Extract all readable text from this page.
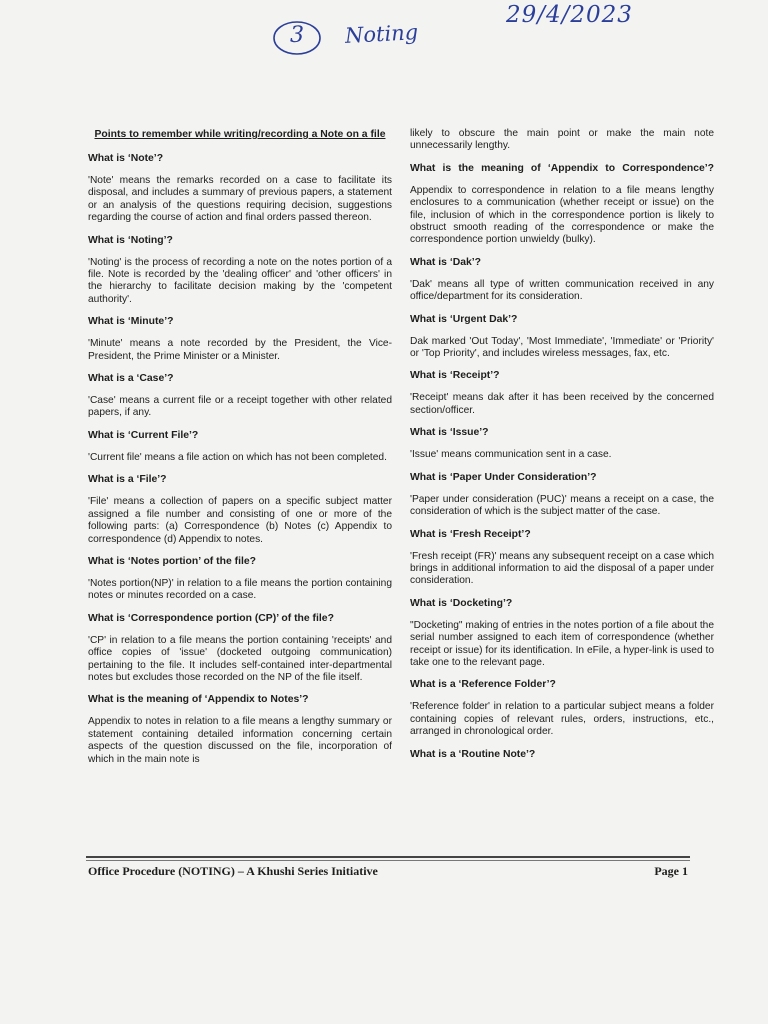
3	Noting
29/4/2023
Points to remember while writing/recording a Note on a file
What is ‘Note’?

'Note' means the remarks recorded on a case to facilitate its disposal, and includes a summary of previous papers, a statement or an analysis of the questions requiring decision, suggestions regarding the course of action and final orders passed thereon.

What is ‘Noting’?

'Noting' is the process of recording a note on the notes portion of a file. Note is recorded by the 'dealing officer' and 'other officers' in the hierarchy to facilitate decision making by the 'competent authority'.

What is ‘Minute’?

'Minute' means a note recorded by the President, the Vice-President, the Prime Minister or a Minister.

What is a ‘Case’?

'Case' means a current file or a receipt together with other related papers, if any.

What is ‘Current File’?

'Current file' means a file action on which has not been completed.

What is a ‘File’?

'File' means a collection of papers on a specific subject matter assigned a file number and consisting of one or more of the following parts: (a) Correspondence (b) Notes (c) Appendix to correspondence (d) Appendix to notes.

What is ‘Notes portion’ of the file?

'Notes portion(NP)' in relation to a file means the portion containing notes or minutes recorded on a case.

What is ‘Correspondence portion (CP)’ of the file?

'CP' in relation to a file means the portion containing 'receipts' and office copies of 'issue' (docketed outgoing communication) pertaining to the file. It includes self-contained inter-departmental notes but excludes those recorded on the NP of the file itself.

What is the meaning of ‘Appendix to Notes’?

Appendix to notes in relation to a file means a lengthy summary or statement containing detailed information concerning certain aspects of the question discussed on the file, incorporation of which in the main note is

likely to obscure the main point or make the main note unnecessarily lengthy.

What is the meaning of ‘Appendix to Correspondence’?

Appendix to correspondence in relation to a file means lengthy enclosures to a communication (whether receipt or issue) on the file, inclusion of which in the correspondence portion is likely to obstruct smooth reading of the correspondence or make the correspondence portion unwieldy (bulky).

What is ‘Dak’?

'Dak' means all type of written communication received in any office/department for its consideration.

What is ‘Urgent Dak’?

Dak marked 'Out Today', 'Most Immediate', 'Immediate' or 'Priority' or 'Top Priority', and includes wireless messages, fax, etc.

What is ‘Receipt’?

'Receipt' means dak after it has been received by the concerned section/officer.

What is ‘Issue’?

'Issue' means communication sent in a case.

What is ‘Paper Under Consideration’?

'Paper under consideration (PUC)' means a receipt on a case, the consideration of which is the subject matter of the case.

What is ‘Fresh Receipt’?

'Fresh receipt (FR)' means any subsequent receipt on a case which brings in additional information to aid the disposal of a paper under consideration.

What is ‘Docketing’?

"Docketing" making of entries in the notes portion of a file about the serial number assigned to each item of correspondence (whether receipt or issue) for its identification. In eFile, a hyper-link is used to take one to the relevant page.

What is a ‘Reference Folder’?

'Reference folder' in relation to a particular subject means a folder containing copies of relevant rules, orders, instructions, etc., arranged in chronological order.

What is a ‘Routine Note’?
Office Procedure (NOTING) – A Khushi Series Initiative	Page 1
